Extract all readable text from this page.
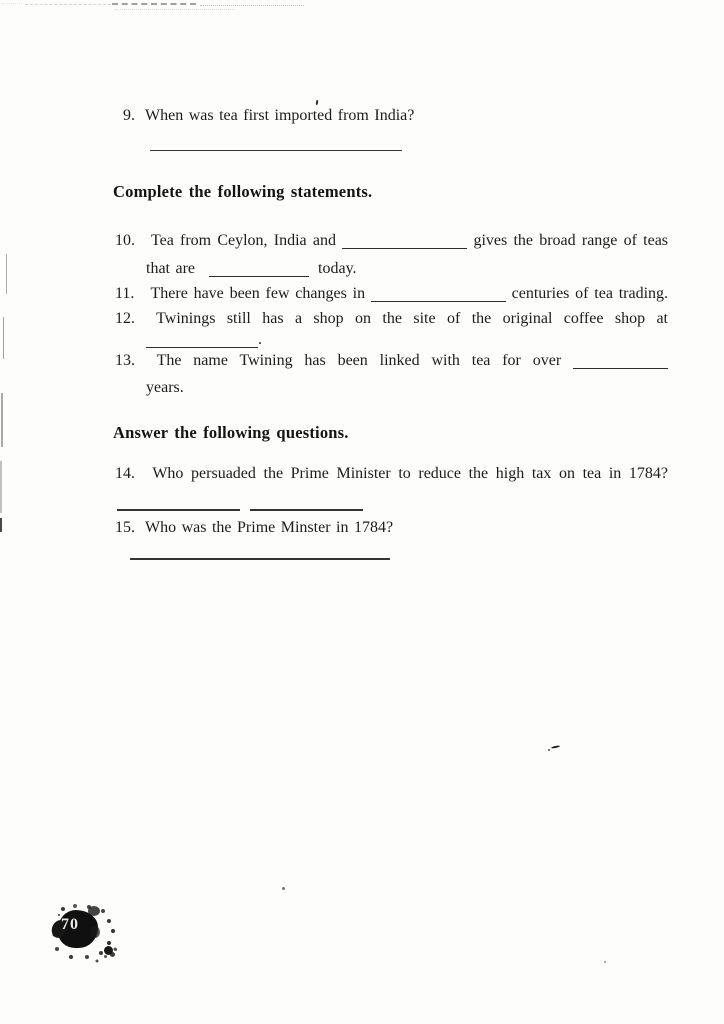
9. When was tea first imported from India?
Complete the following statements.
10. Tea from Ceylon, India and	gives the broad range of teas
that are	today.
11. There have been few changes in	centuries of tea trading.
12. Twinings still has a shop on the site of the original coffee shop at
.
13. The name Twining has been linked with tea for over
years.
Answer the following questions.
14. Who persuaded the Prime Minister to reduce the high tax on tea in 1784?
15. Who was the Prime Minster in 1784?
70
